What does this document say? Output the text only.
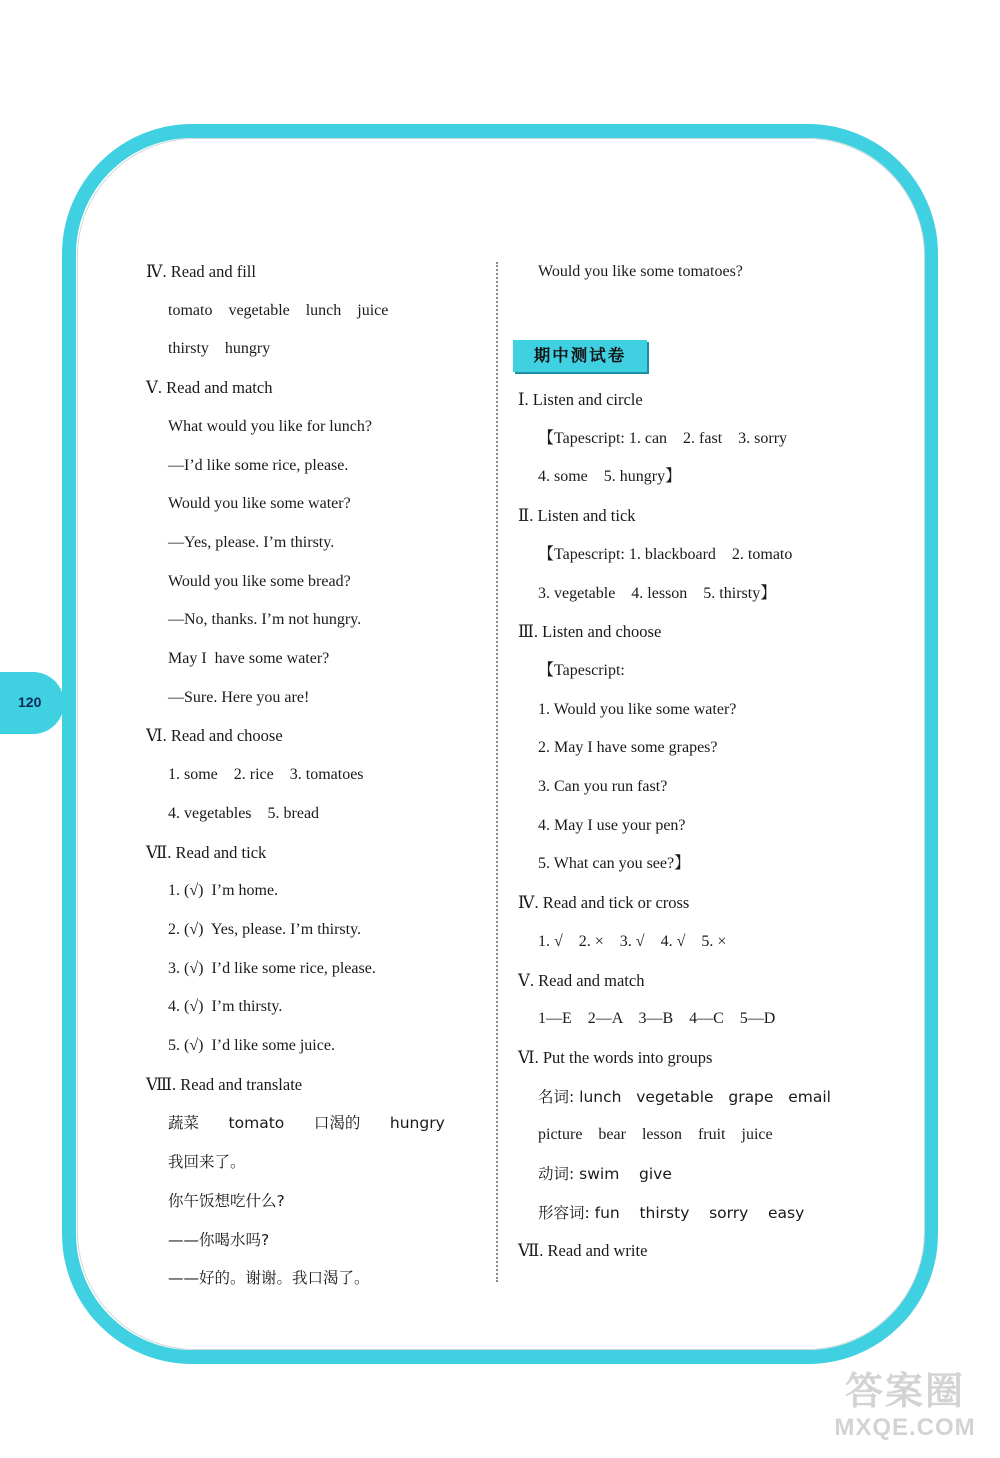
120
Ⅳ. Read and fill
tomato    vegetable    lunch    juice
thirsty    hungry
Ⅴ. Read and match
What would you like for lunch?
—I’d like some rice, please.
Would you like some water?
—Yes, please. I’m thirsty.
Would you like some bread?
—No, thanks. I’m not hungry.
May I  have some water?
—Sure. Here you are!
Ⅵ. Read and choose
1. some    2. rice    3. tomatoes
4. vegetables    5. bread
Ⅶ. Read and tick
1. (√)  I’m home.
2. (√)  Yes, please. I’m thirsty.
3. (√)  I’d like some rice, please.
4. (√)  I’m thirsty.
5. (√)  I’d like some juice.
Ⅷ. Read and translate
蔬菜      tomato      口渴的      hungry
我回来了。
你午饭想吃什么?
——你喝水吗?
——好的。谢谢。我口渴了。
Would you like some tomatoes?
期中测试卷
Ⅰ. Listen and circle
【Tapescript: 1. can    2. fast    3. sorry
4. some    5. hungry】
Ⅱ. Listen and tick
【Tapescript: 1. blackboard    2. tomato
3. vegetable    4. lesson    5. thirsty】
Ⅲ. Listen and choose
【Tapescript:
1. Would you like some water?
2. May I have some grapes?
3. Can you run fast?
4. May I use your pen?
5. What can you see?】
Ⅳ. Read and tick or cross
1. √    2. ×    3. √    4. √    5. ×
Ⅴ. Read and match
1—E    2—A    3—B    4—C    5—D
Ⅵ. Put the words into groups
名词: lunch   vegetable   grape   email
picture    bear    lesson    fruit    juice
动词: swim    give
形容词: fun    thirsty    sorry    easy
Ⅶ. Read and write
答案圈
MXQE.COM
